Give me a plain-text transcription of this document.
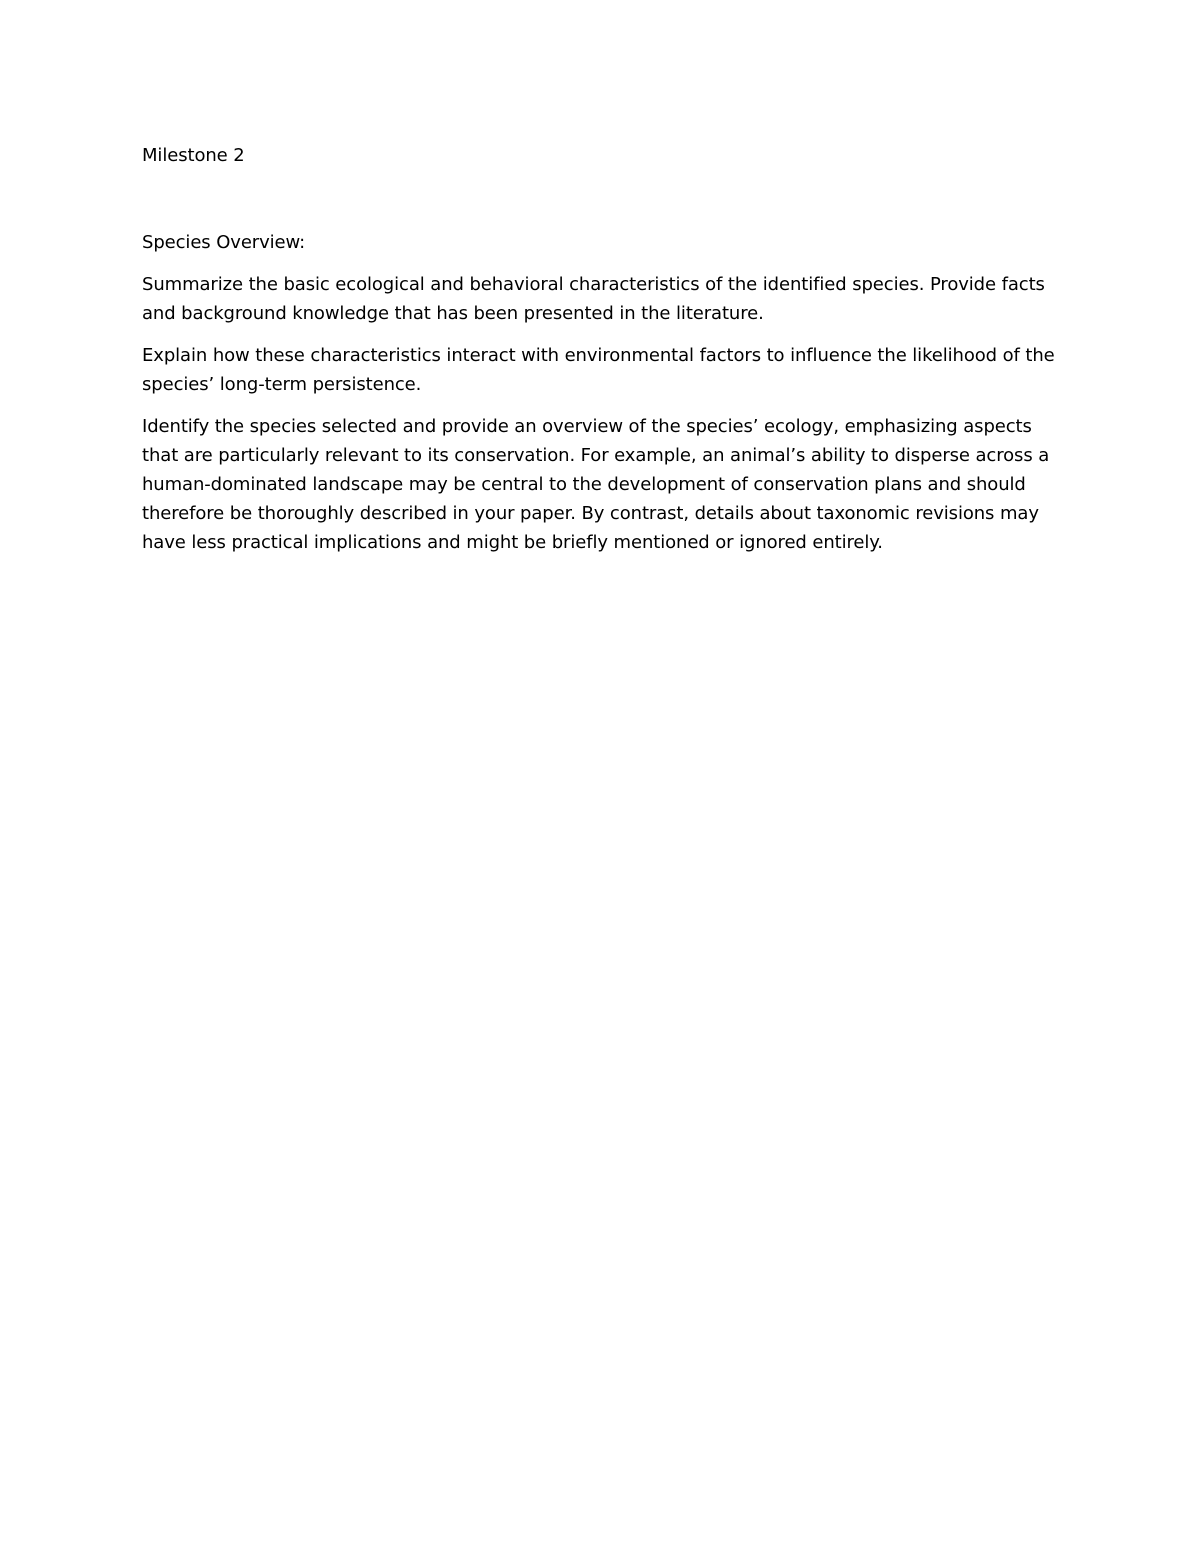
Milestone 2

Species Overview:

Summarize the basic ecological and behavioral characteristics of the identified species. Provide facts and background knowledge that has been presented in the literature.

Explain how these characteristics interact with environmental factors to influence the likelihood of the species’ long-term persistence.

Identify the species selected and provide an overview of the species’ ecology, emphasizing aspects that are particularly relevant to its conservation. For example, an animal’s ability to disperse across a human-dominated landscape may be central to the development of conservation plans and should therefore be thoroughly described in your paper. By contrast, details about taxonomic revisions may have less practical implications and might be briefly mentioned or ignored entirely.
